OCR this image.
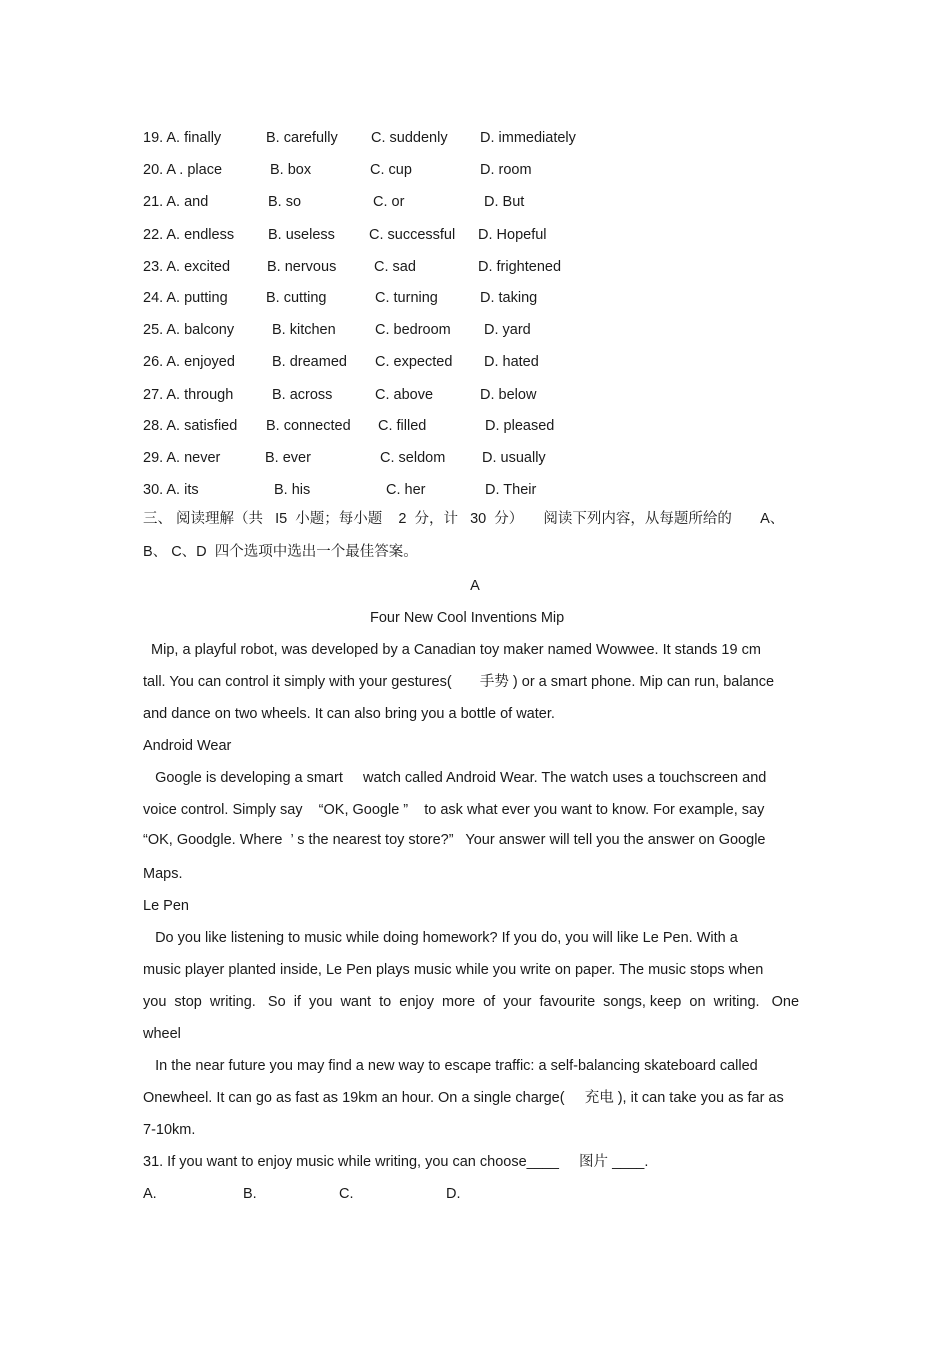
19. A. finally	B. carefully C. suddenly D. immediately
20. A . place	B. box	C. cup	D. room
21. A. and	B. so	C. or	D. But
22. A. endless B. useless C. successful D. Hopeful
23. A. excited	B. nervous	C. sad	D. frightened
24. A. putting	B. cutting	C. turning	D. taking
25. A. balcony	B. kitchen	C. bedroom D. yard
26. A. enjoyed	B. dreamed C. expected D. hated
27. A. through	B. across	C. above	D. below
28. A. satisfied B. connected C. filled	D. pleased
29. A. never	B. ever	C. seldom	D. usually
30. A. its	B. his	C. her	D. Their
三、 阅读理解（共   I5  小题；每小题    2  分，计   30  分）     阅读下列内容，从每题所给的       A、
B、 C、D  四个选项中选出一个最佳答案。
A
Four New Cool Inventions Mip
Mip, a playful robot, was developed by a Canadian toy maker named Wowwee. It stands 19 cm
tall. You can control it simply with your gestures(       手势 ) or a smart phone. Mip can run, balance
and dance on two wheels. It can also bring you a bottle of water.
Android Wear
Google is developing a smart     watch called Android Wear. The watch uses a touchscreen and
voice control. Simply say    “OK, Google ”    to ask what ever you want to know. For example, say
“OK, Goodgle. Where  ’ s the nearest toy store?”   Your answer will tell you the answer on Google
Maps.
Le Pen
Do you like listening to music while doing homework? If you do, you will like Le Pen. With a
music player planted inside, Le Pen plays music while you write on paper. The music stops when
you  stop  writing.   So  if  you  want  to  enjoy  more  of  your  favourite  songs, keep  on  writing.   One
wheel
In the near future you may find a new way to escape traffic: a self-balancing skateboard called
Onewheel. It can go as fast as 19km an hour. On a single charge(     充电 ), it can take you as far as
7-10km.
31. If you want to enjoy music while writing, you can choose____     图片 ____.
A.	B.	C.	D.
